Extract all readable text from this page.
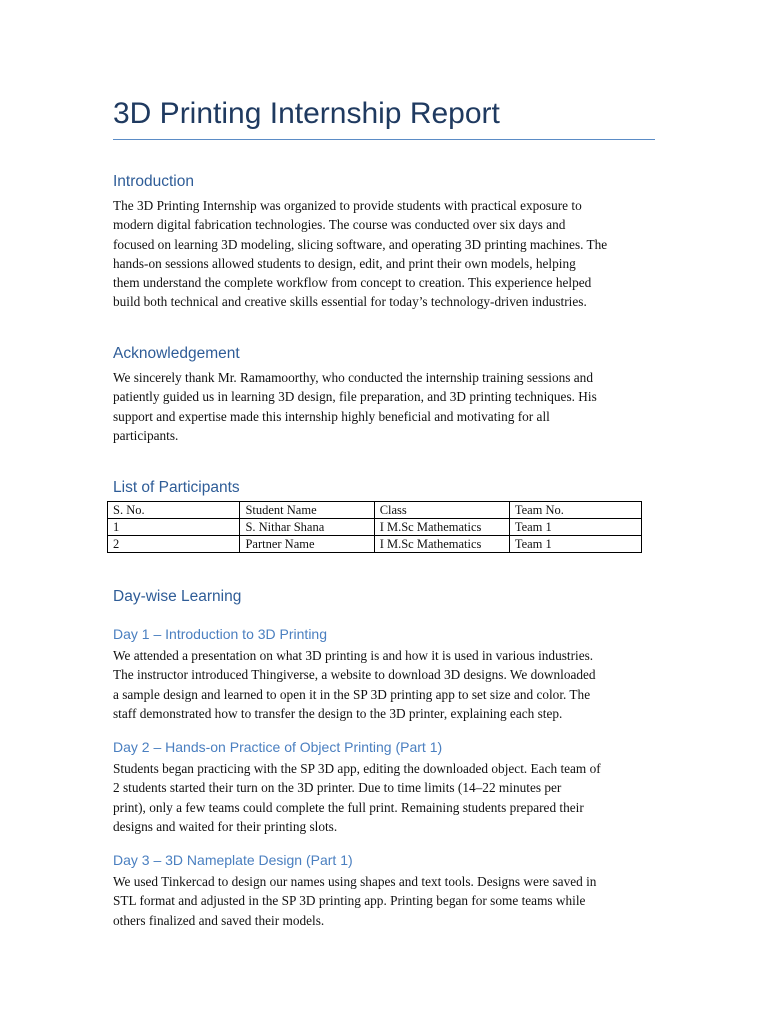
3D Printing Internship Report
Introduction
The 3D Printing Internship was organized to provide students with practical exposure to
modern digital fabrication technologies. The course was conducted over six days and
focused on learning 3D modeling, slicing software, and operating 3D printing machines. The
hands-on sessions allowed students to design, edit, and print their own models, helping
them understand the complete workflow from concept to creation. This experience helped
build both technical and creative skills essential for today’s technology-driven industries.
Acknowledgement
We sincerely thank Mr. Ramamoorthy, who conducted the internship training sessions and
patiently guided us in learning 3D design, file preparation, and 3D printing techniques. His
support and expertise made this internship highly beneficial and motivating for all
participants.
List of Participants
S. No.	Student Name	Class	Team No.
1	S. Nithar Shana	I M.Sc Mathematics	Team 1
2	Partner Name	I M.Sc Mathematics	Team 1
Day-wise Learning
Day 1 – Introduction to 3D Printing
We attended a presentation on what 3D printing is and how it is used in various industries.
The instructor introduced Thingiverse, a website to download 3D designs. We downloaded
a sample design and learned to open it in the SP 3D printing app to set size and color. The
staff demonstrated how to transfer the design to the 3D printer, explaining each step.
Day 2 – Hands-on Practice of Object Printing (Part 1)
Students began practicing with the SP 3D app, editing the downloaded object. Each team of
2 students started their turn on the 3D printer. Due to time limits (14–22 minutes per
print), only a few teams could complete the full print. Remaining students prepared their
designs and waited for their printing slots.
Day 3 – 3D Nameplate Design (Part 1)
We used Tinkercad to design our names using shapes and text tools. Designs were saved in
STL format and adjusted in the SP 3D printing app. Printing began for some teams while
others finalized and saved their models.
